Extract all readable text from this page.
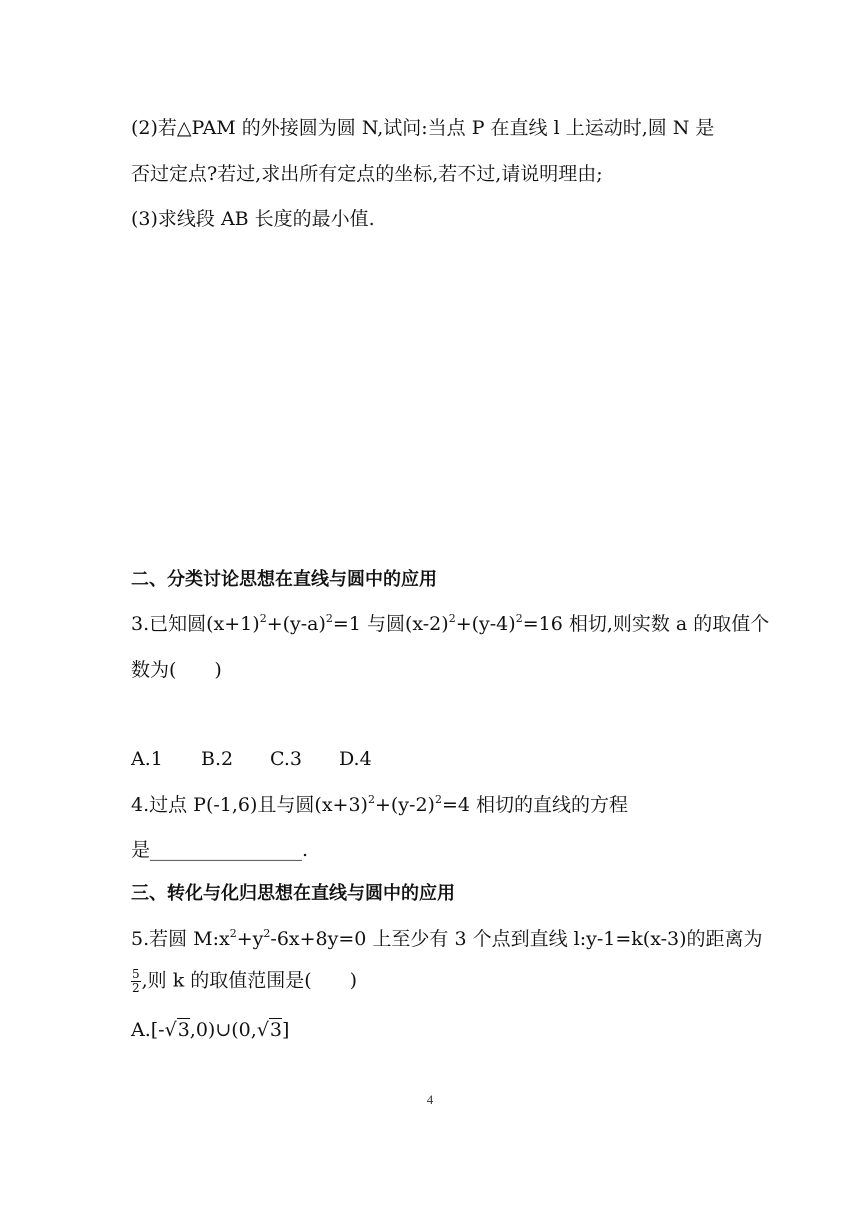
(2)若△PAM 的外接圆为圆 N,试问:当点 P 在直线 l 上运动时,圆 N 是
否过定点?若过,求出所有定点的坐标,若不过,请说明理由;
(3)求线段 AB 长度的最小值.
二、分类讨论思想在直线与圆中的应用
3.已知圆$(x+1)^2+(y-a)^2=1$ 与圆$(x-2)^2+(y-4)^2=16$ 相切,则实数 a 的取值个
数为(　　)
A.1 B.2 C.3 D.4
4.过点 P(-1,6)且与圆$(x+3)^2+(y-2)^2=4$ 相切的直线的方程
是________________.
三、转化与化归思想在直线与圆中的应用
5.若圆 $M:x^2+y^2-6x+8y=0$ 上至少有 3 个点到直线 l:y-1=k(x-3)的距离为
$\frac{5}{2}$ ,则 k 的取值范围是(　　)
A.[-√3,0)∪(0,√3]
4
